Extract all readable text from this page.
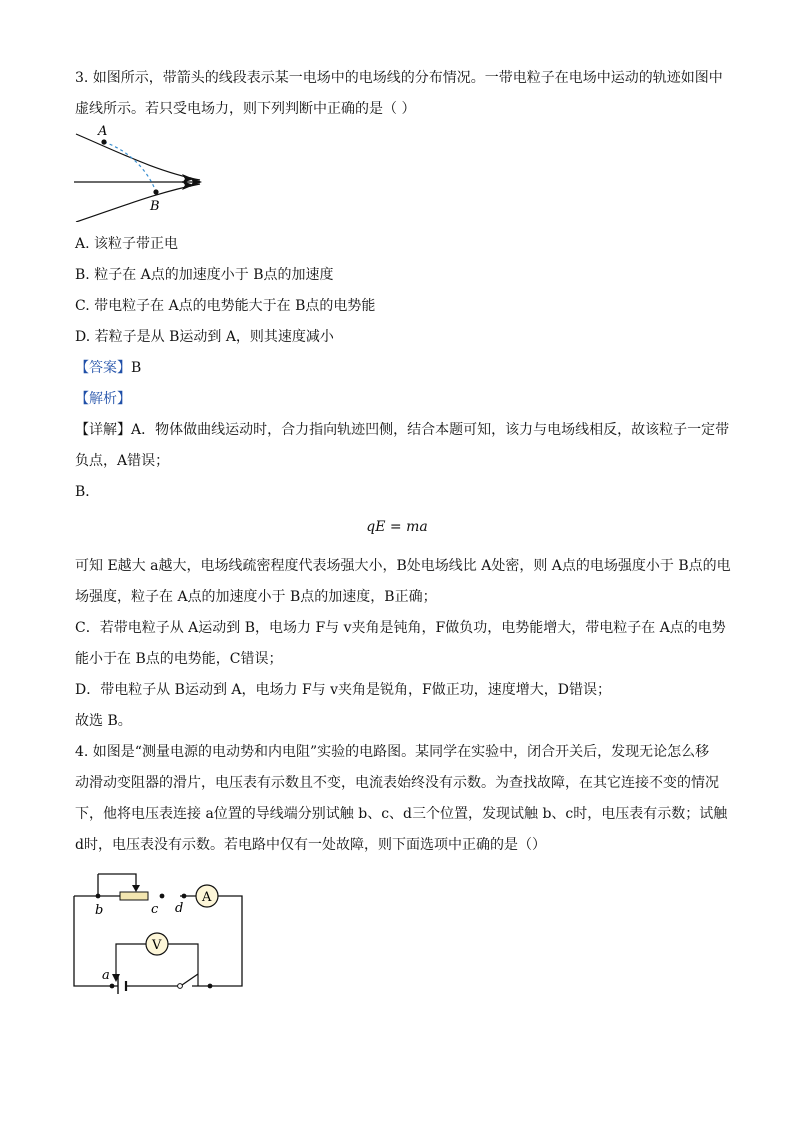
3. 如图所示，带箭头的线段表示某一电场中的电场线的分布情况。一带电粒子在电场中运动的轨迹如图中
虚线所示。若只受电场力，则下列判断中正确的是（ ）
A
B
A. 该粒子带正电
B. 粒子在 A点的加速度小于 B点的加速度
C. 带电粒子在 A点的电势能大于在 B点的电势能
D. 若粒子是从 B运动到 A，则其速度减小
【答案】B
【解析】
【详解】A．物体做曲线运动时，合力指向轨迹凹侧，结合本题可知，该力与电场线相反，故该粒子一定带
负点，A错误；
B．
qE = ma
可知 E越大 a越大，电场线疏密程度代表场强大小，B处电场线比 A处密，则 A点的电场强度小于 B点的电
场强度，粒子在 A点的加速度小于 B点的加速度，B正确；
C．若带电粒子从 A运动到 B，电场力 F与 v夹角是钝角，F做负功，电势能增大，带电粒子在 A点的电势
能小于在 B点的电势能，C错误；
D．带电粒子从 B运动到 A，电场力 F与 v夹角是锐角，F做正功，速度增大，D错误；
故选 B。
4. 如图是“测量电源的电动势和内电阻”实验的电路图。某同学在实验中，闭合开关后，发现无论怎么移
动滑动变阻器的滑片，电压表有示数且不变，电流表始终没有示数。为查找故障，在其它连接不变的情况
下，他将电压表连接 a位置的导线端分别试触 b、c、d三个位置，发现试触 b、c时，电压表有示数；试触
d时，电压表没有示数。若电路中仅有一处故障，则下面选项中正确的是（）
A
b	c d
V
a
